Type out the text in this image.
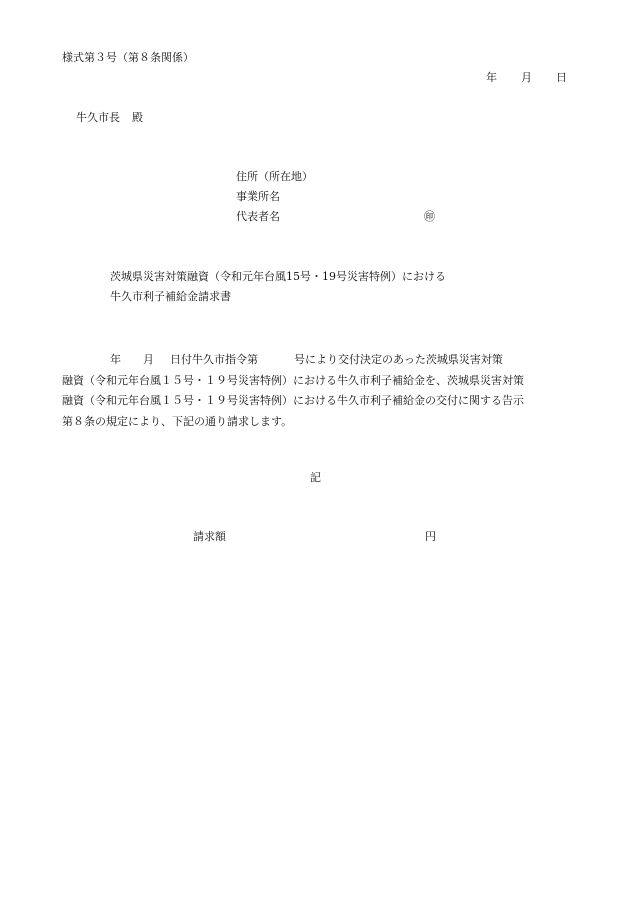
様式第３号（第８条関係）
年 月 日
牛久市長 殿
住所（所在地）
事業所名
代表者名	㊞
茨城県災害対策融資（令和元年台風15号・19号災害特例）における
牛久市利子補給金請求書

年 月 日付牛久市指令第	号により交付決定のあった茨城県災害対策

融資（令和元年台風１５号・１９号災害特例）における牛久市利子補給金を、茨城県災害対策

融資（令和元年台風１５号・１９号災害特例）における牛久市利子補給金の交付に関する告示

第８条の規定により、下記の通り請求します。

記
請求額	円
